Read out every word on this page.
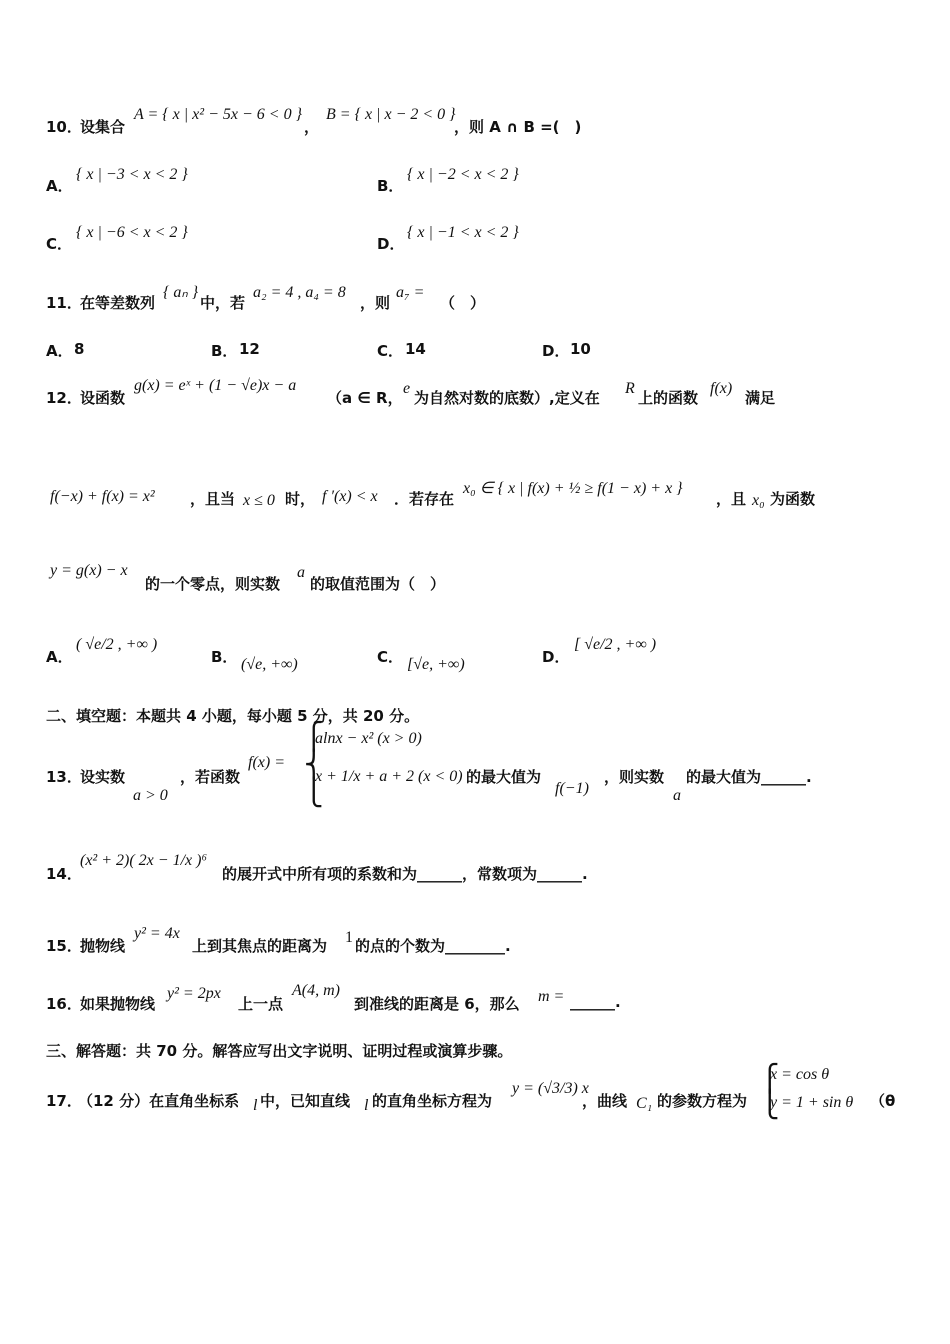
10．
设集合
A = { x | x² − 5x − 6 < 0 }
，
B = { x | x − 2 < 0 }
，则 A ∩ B =(　)
A．
{ x | −3 < x < 2 }
B．
{ x | −2 < x < 2 }
C．
{ x | −6 < x < 2 }
D．
{ x | −1 < x < 2 }
11．
在等差数列
{ aₙ }
中，若
a₂ = 4 , a₄ = 8
，则
a₇ =
（　）
A． 8	B． 12	C． 14	D． 10
12．
设函数
g(x) = eˣ + (1 − √e)x − a
（a ∈ R，
e
为自然对数的底数）,定义在
R
上的函数
f(x)
满足
f(−x) + f(x) = x² ，且当 x ≤ 0 时， f ′(x) < x ．若存在
x₀ ∈ { x | f(x) + ½ ≥ f(1 − x) + x }
，且 x₀ 为函数
y = g(x) − x
的一个零点，则实数
a
的取值范围为（　）
A．
( √e/2 , +∞ )
B． (√e, +∞)	C． [√e, +∞)	D．
[ √e/2 , +∞ )
二、填空题：本题共 4 小题，每小题 5 分，共 20 分。
13．
设实数
a > 0
，若函数
f(x) =
⎧
⎨
⎩
alnx − x² (x > 0)
x + 1/x + a + 2 (x < 0) 的最大值为
f(−1)
，则实数
a
的最大值为______.
14．
(x² + 2)( 2x − 1/x )⁶
的展开式中所有项的系数和为______，常数项为______.
15．
抛物线
y² = 4x
上到其焦点的距离为 1 的点的个数为________.
16．
如果抛物线
y² = 2px
上一点
A(4, m)
到准线的距离是 6，那么 m = ______.
三、解答题：共 70 分。解答应写出文字说明、证明过程或演算步骤。
17．
（12 分）在直角坐标系 l 中，已知直线 l 的直角坐标方程为
y = (√3/3) x
，曲线 C₁ 的参数方程为
⎧
⎩
x = cos θ
y = 1 + sin θ （θ
